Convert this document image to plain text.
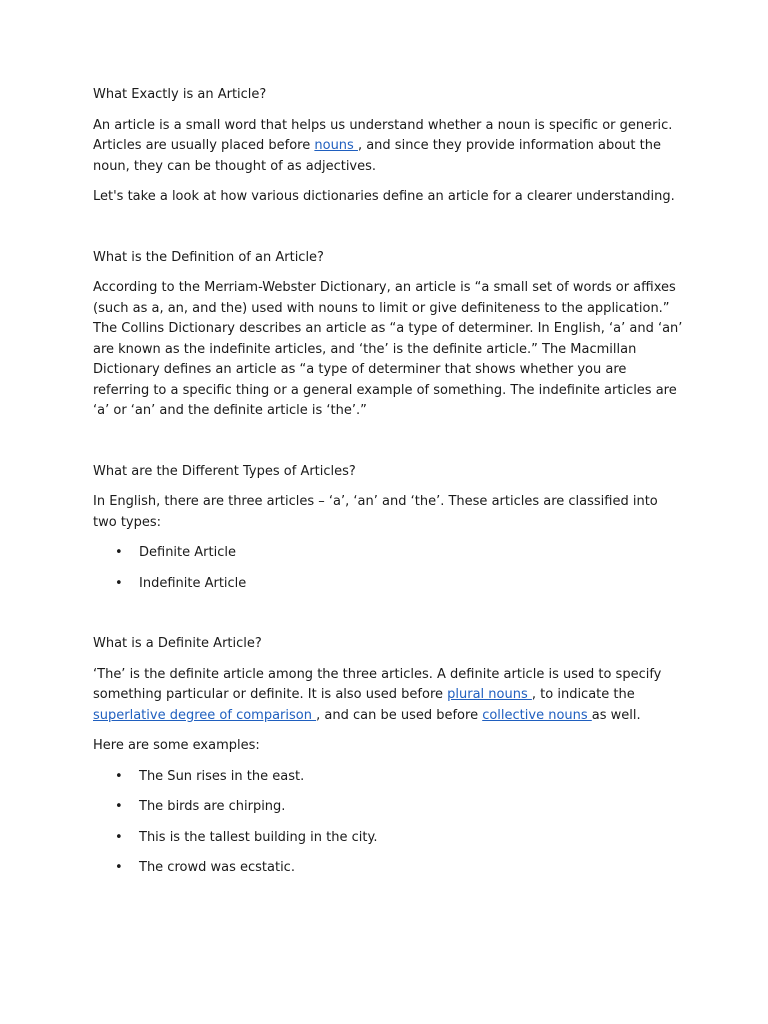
What Exactly is an Article?

An article is a small word that helps us understand whether a noun is specific or generic. Articles are usually placed before nouns , and since they provide information about the noun, they can be thought of as adjectives.

Let's take a look at how various dictionaries define an article for a clearer understanding.

What is the Definition of an Article?

According to the Merriam-Webster Dictionary, an article is “a small set of words or affixes (such as a, an, and the) used with nouns to limit or give definiteness to the application.” The Collins Dictionary describes an article as “a type of determiner. In English, ‘a’ and ‘an’ are known as the indefinite articles, and ‘the’ is the definite article.” The Macmillan Dictionary defines an article as “a type of determiner that shows whether you are referring to a specific thing or a general example of something. The indefinite articles are ‘a’ or ‘an’ and the definite article is ‘the’.”

What are the Different Types of Articles?

In English, there are three articles – ‘a’, ‘an’ and ‘the’. These articles are classified into two types:

• Definite Article
• Indefinite Article
What is a Definite Article?

‘The’ is the definite article among the three articles. A definite article is used to specify something particular or definite. It is also used before plural nouns , to indicate the superlative degree of comparison , and can be used before collective nouns as well.

Here are some examples:

• The Sun rises in the east.
• The birds are chirping.
• This is the tallest building in the city.
• The crowd was ecstatic.
